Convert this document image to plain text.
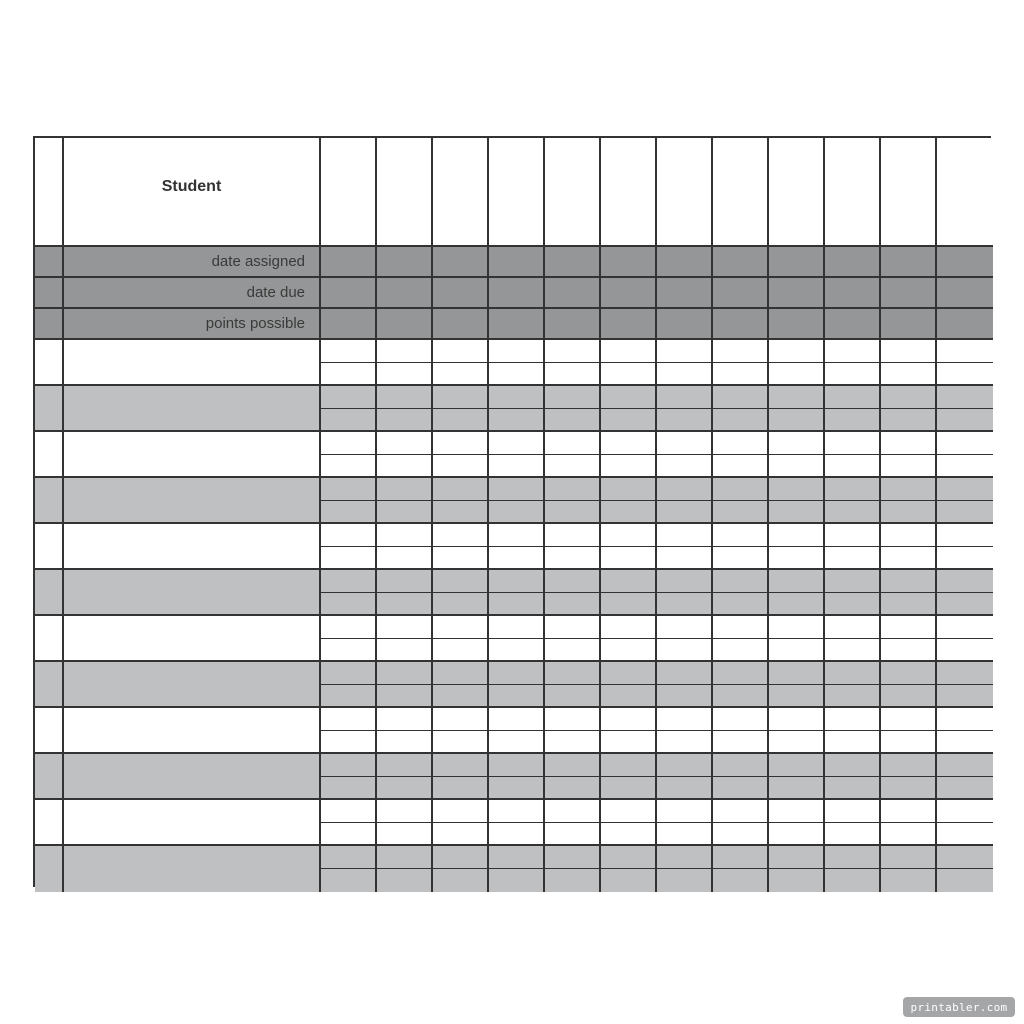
Student
date assigned
date due
points possible
printabler.com
